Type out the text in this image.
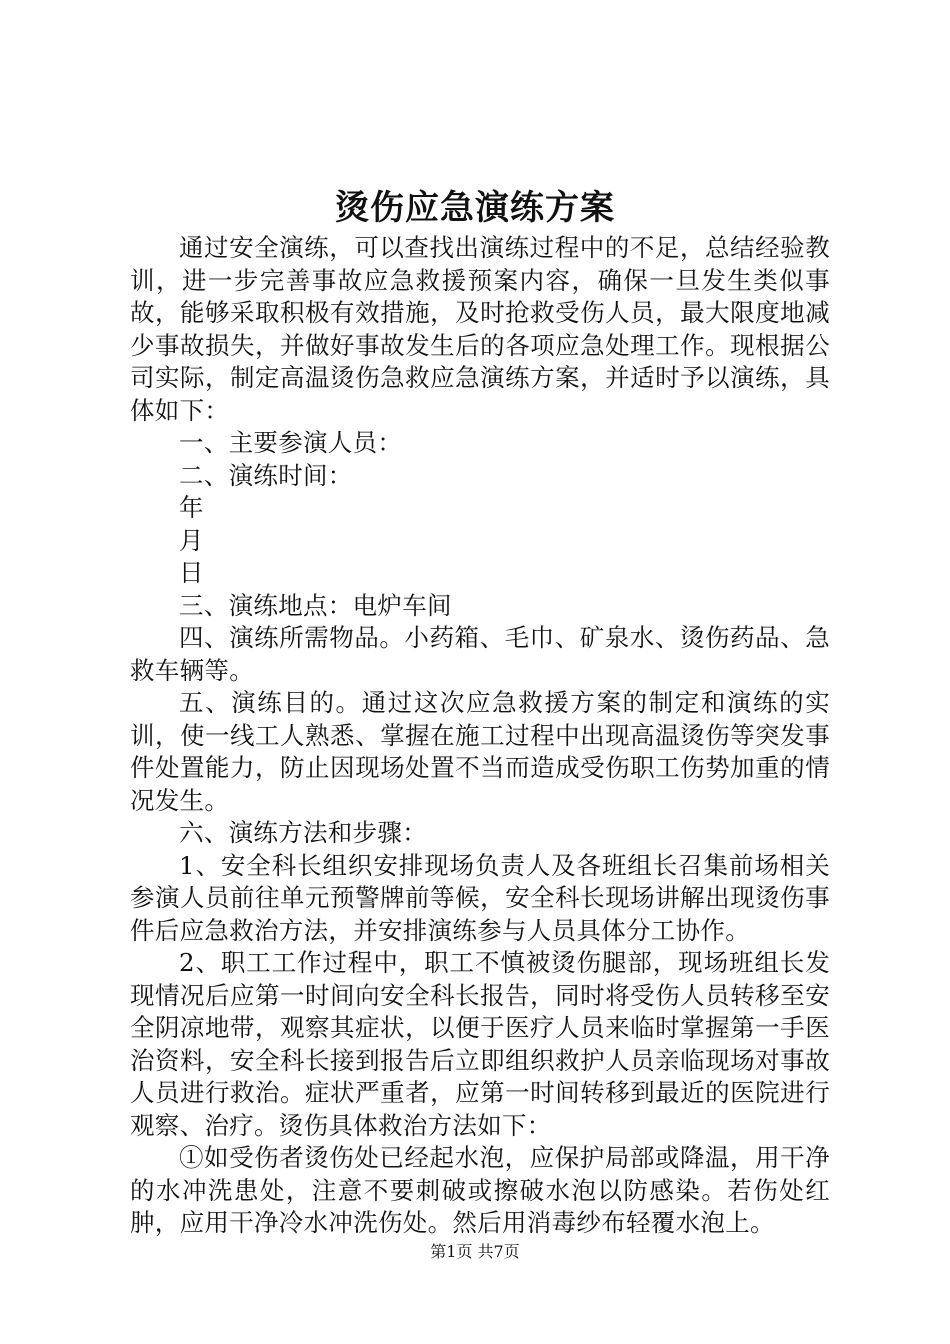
烫伤应急演练方案

通过安全演练，可以查找出演练过程中的不足，总结经验教训，进一步完善事故应急救援预案内容，确保一旦发生类似事故，能够采取积极有效措施，及时抢救受伤人员，最大限度地减少事故损失，并做好事故发生后的各项应急处理工作。现根据公司实际，制定高温烫伤急救应急演练方案，并适时予以演练，具体如下：

一、主要参演人员：

二、演练时间：

年

月

日

三、演练地点：电炉车间

四、演练所需物品。小药箱、毛巾、矿泉水、烫伤药品、急救车辆等。

五、演练目的。通过这次应急救援方案的制定和演练的实训，使一线工人熟悉、掌握在施工过程中出现高温烫伤等突发事件处置能力，防止因现场处置不当而造成受伤职工伤势加重的情况发生。

六、演练方法和步骤：

1、安全科长组织安排现场负责人及各班组长召集前场相关参演人员前往单元预警牌前等候，安全科长现场讲解出现烫伤事件后应急救治方法，并安排演练参与人员具体分工协作。

2、职工工作过程中，职工不慎被烫伤腿部，现场班组长发现情况后应第一时间向安全科长报告，同时将受伤人员转移至安全阴凉地带，观察其症状，以便于医疗人员来临时掌握第一手医治资料，安全科长接到报告后立即组织救护人员亲临现场对事故人员进行救治。症状严重者，应第一时间转移到最近的医院进行观察、治疗。烫伤具体救治方法如下：

①如受伤者烫伤处已经起水泡，应保护局部或降温，用干净的水冲洗患处，注意不要刺破或擦破水泡以防感染。若伤处红肿，应用干净冷水冲洗伤处。然后用消毒纱布轻覆水泡上。

第1页 共7页
